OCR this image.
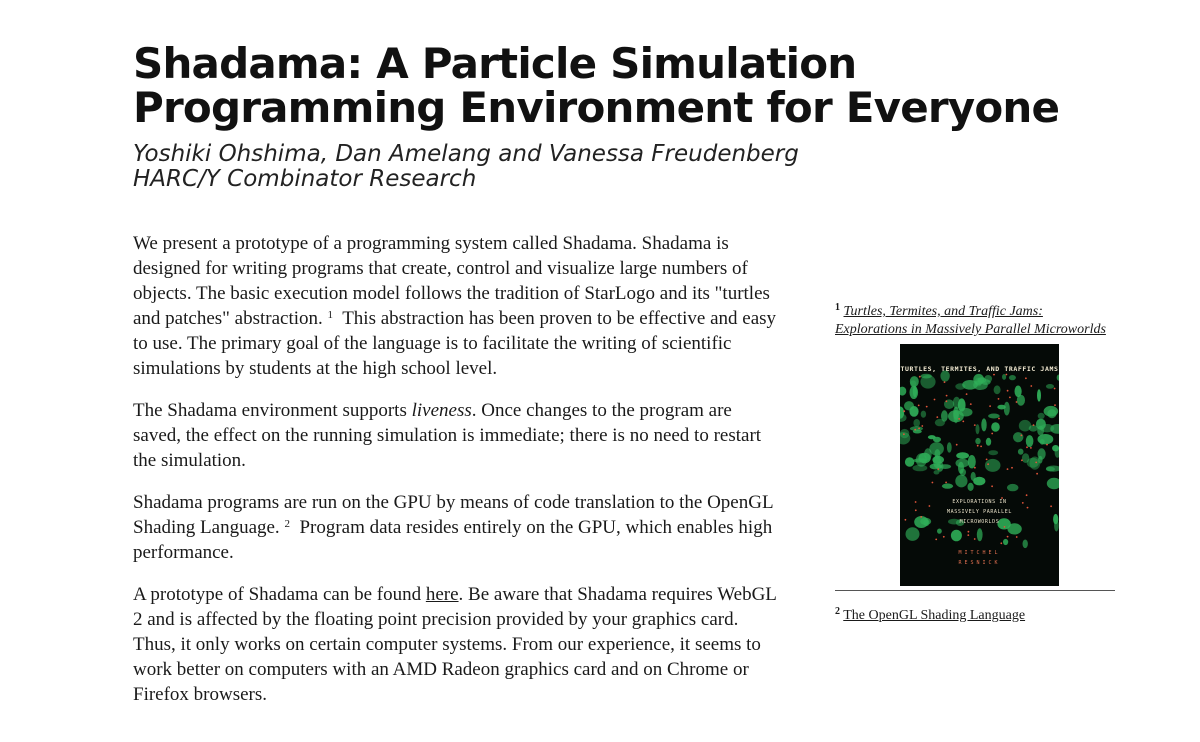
Shadama: A Particle Simulation
Programming Environment for Everyone
Yoshiki Ohshima, Dan Amelang and Vanessa Freudenberg
HARC/Y Combinator Research

We present a prototype of a programming system called Shadama. Shadama is designed for writing programs that create, control and visualize large numbers of objects. The basic execution model follows the tradition of StarLogo and its "turtles and patches" abstraction. $^1$ This abstraction has been proven to be effective and easy to use. The primary goal of the language is to facilitate the writing of scientific simulations by students at the high school level.

The Shadama environment supports liveness. Once changes to the program are saved, the effect on the running simulation is immediate; there is no need to restart the simulation.

Shadama programs are run on the GPU by means of code translation to the OpenGL Shading Language. $^2$ Program data resides entirely on the GPU, which enables high performance.

A prototype of Shadama can be found here. Be aware that Shadama requires WebGL 2 and is affected by the floating point precision provided by your graphics card. Thus, it only works on certain computer systems. From our experience, it seems to work better on computers with an AMD Radeon graphics card and on Chrome or Firefox browsers.

$^1$ Turtles, Termites, and Traffic Jams: Explorations in Massively Parallel Microworlds
TURTLES, TERMITES, AND TRAFFIC JAMS
EXPLORATIONS IN
MASSIVELY PARALLEL
MICROWORLDS
MITCHEL
RESNICK
$^2$ The OpenGL Shading Language
